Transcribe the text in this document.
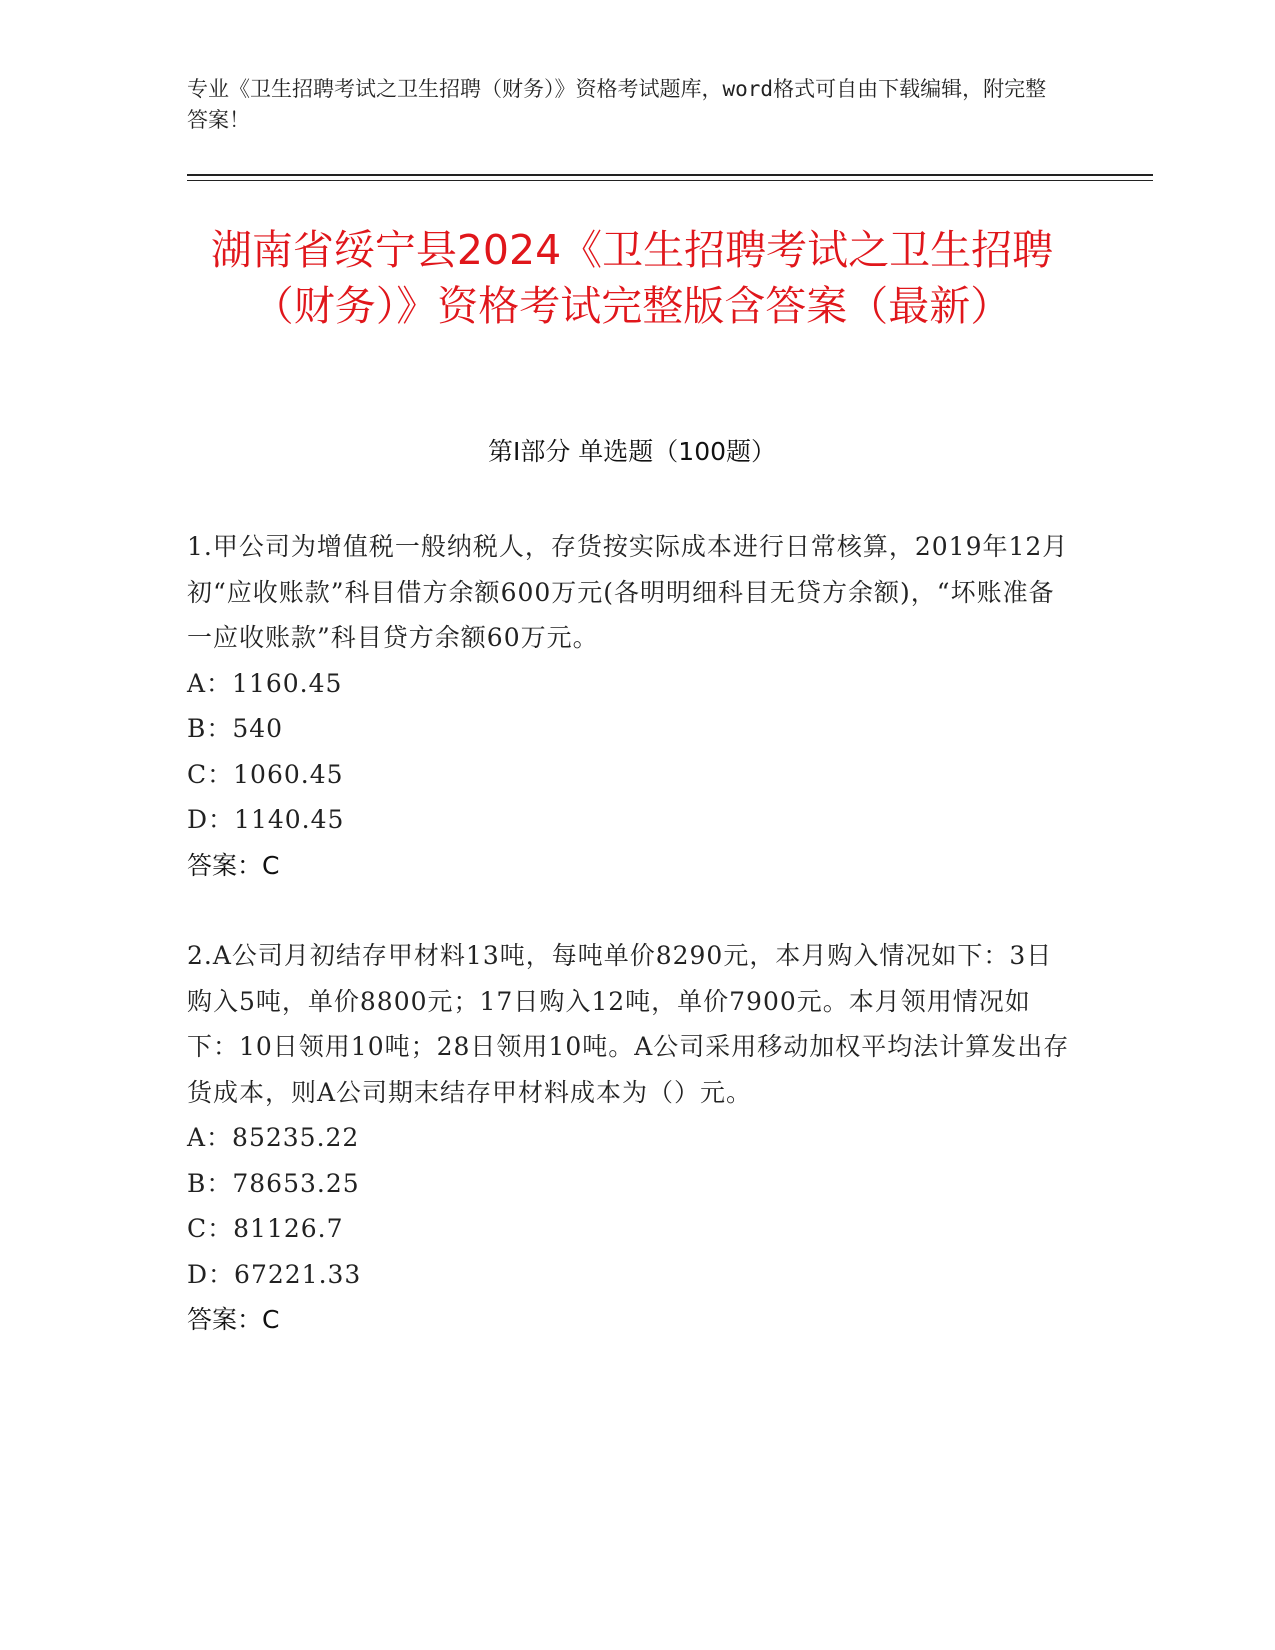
专业《卫生招聘考试之卫生招聘（财务）》资格考试题库，word格式可自由下载编辑，附完整答案！
湖南省绥宁县2024《卫生招聘考试之卫生招聘（财务）》资格考试完整版含答案（最新）
第I部分 单选题（100题）
1.甲公司为增值税一般纳税人，存货按实际成本进行日常核算，2019年12月初“应收账款”科目借方余额600万元(各明明细科目无贷方余额)，“坏账准备一应收账款”科目贷方余额60万元。
A：1160.45
B：540
C：1060.45
D：1140.45
答案：C
2.A公司月初结存甲材料13吨，每吨单价8290元，本月购入情况如下：3日购入5吨，单价8800元；17日购入12吨，单价7900元。本月领用情况如下：10日领用10吨；28日领用10吨。A公司采用移动加权平均法计算发出存货成本，则A公司期末结存甲材料成本为（）元。
A：85235.22
B：78653.25
C：81126.7
D：67221.33
答案：C
